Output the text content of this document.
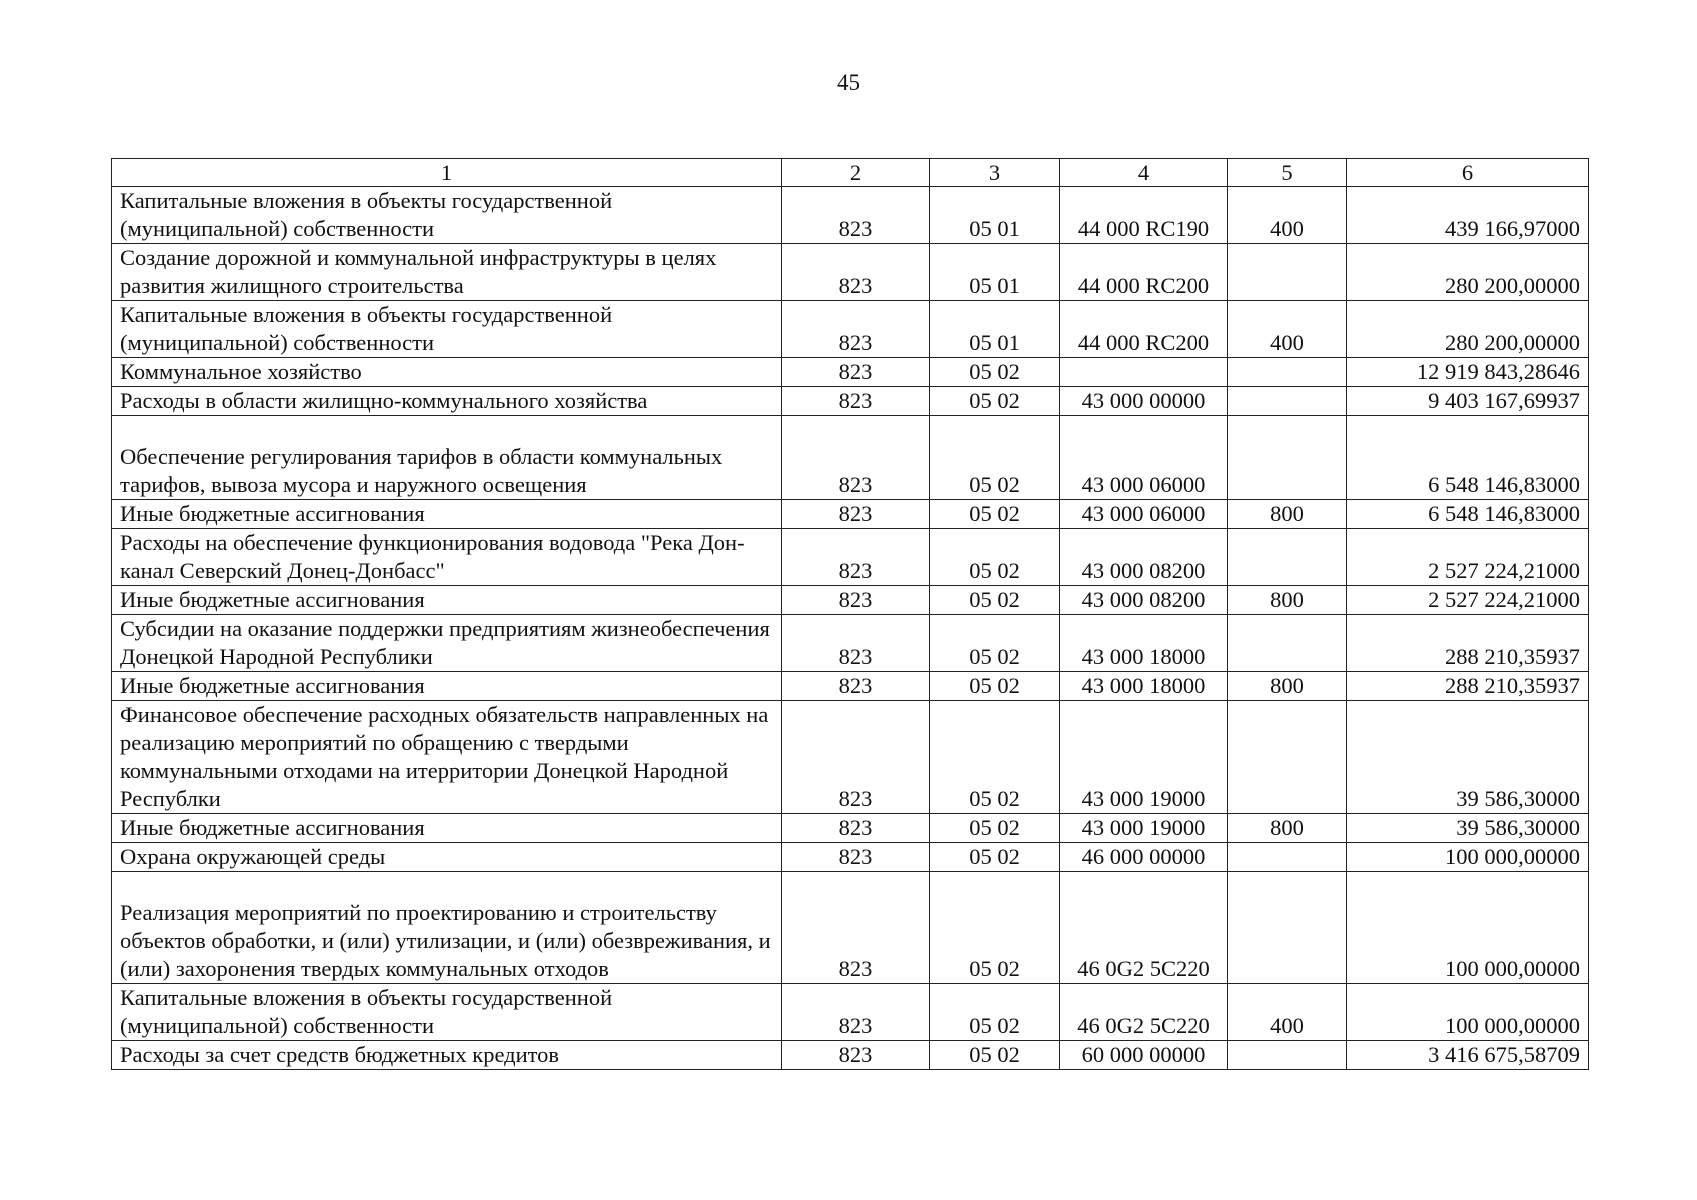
45
1	2	3	4	5	6
Капитальные вложения в объекты государственной (муниципальной) собственности	823	05 01	44 000 RC190	400	439 166,97000
Создание дорожной и коммунальной инфраструктуры в целях развития жилищного строительства	823	05 01	44 000 RC200		280 200,00000
Капитальные вложения в объекты государственной (муниципальной) собственности	823	05 01	44 000 RC200	400	280 200,00000
Коммунальное хозяйство	823	05 02			12 919 843,28646
Расходы в области жилищно-коммунального хозяйства	823	05 02	43 000 00000		9 403 167,69937
Обеспечение регулирования тарифов в области коммунальных тарифов, вывоза мусора и наружного освещения	823	05 02	43 000 06000		6 548 146,83000
Иные бюджетные ассигнования	823	05 02	43 000 06000	800	6 548 146,83000
Расходы на обеспечение функционирования водовода "Река Дон-канал Северский Донец-Донбасс"	823	05 02	43 000 08200		2 527 224,21000
Иные бюджетные ассигнования	823	05 02	43 000 08200	800	2 527 224,21000
Субсидии на оказание поддержки предприятиям жизнеобеспечения Донецкой Народной Республики	823	05 02	43 000 18000		288 210,35937
Иные бюджетные ассигнования	823	05 02	43 000 18000	800	288 210,35937
Финансовое обеспечение расходных обязательств направленных на реализацию мероприятий по обращению с твердыми коммунальными отходами на итерритории Донецкой Народной Республки	823	05 02	43 000 19000		39 586,30000
Иные бюджетные ассигнования	823	05 02	43 000 19000	800	39 586,30000
Охрана окружающей среды	823	05 02	46 000 00000		100 000,00000
Реализация мероприятий по проектированию и строительству объектов обработки, и (или) утилизации, и (или) обезвреживания, и (или) захоронения твердых коммунальных отходов	823	05 02	46 0G2 5C220		100 000,00000
Капитальные вложения в объекты государственной (муниципальной) собственности	823	05 02	46 0G2 5C220	400	100 000,00000
Расходы за счет средств бюджетных кредитов	823	05 02	60 000 00000		3 416 675,58709
